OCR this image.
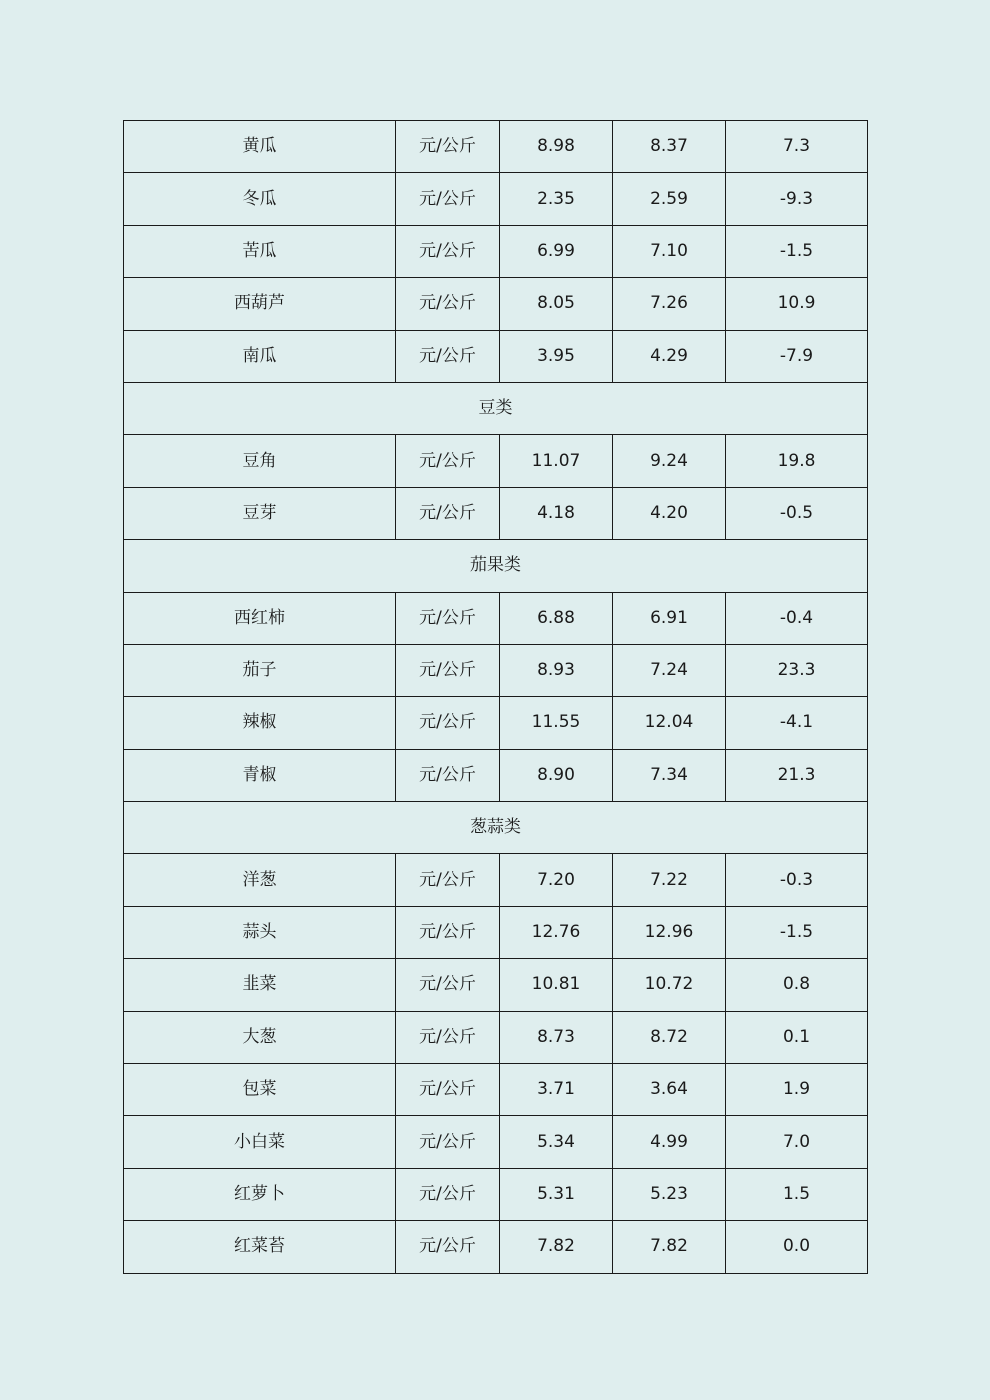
黄瓜	元/公斤	8.98	8.37	7.3
冬瓜	元/公斤	2.35	2.59	-9.3
苦瓜	元/公斤	6.99	7.10	-1.5
西葫芦	元/公斤	8.05	7.26	10.9
南瓜	元/公斤	3.95	4.29	-7.9
豆类				
豆角	元/公斤	11.07	9.24	19.8
豆芽	元/公斤	4.18	4.20	-0.5
茄果类				
西红柿	元/公斤	6.88	6.91	-0.4
茄子	元/公斤	8.93	7.24	23.3
辣椒	元/公斤	11.55	12.04	-4.1
青椒	元/公斤	8.90	7.34	21.3
葱蒜类				
洋葱	元/公斤	7.20	7.22	-0.3
蒜头	元/公斤	12.76	12.96	-1.5
韭菜	元/公斤	10.81	10.72	0.8
大葱	元/公斤	8.73	8.72	0.1
包菜	元/公斤	3.71	3.64	1.9
小白菜	元/公斤	5.34	4.99	7.0
红萝卜	元/公斤	5.31	5.23	1.5
红菜苔	元/公斤	7.82	7.82	0.0
